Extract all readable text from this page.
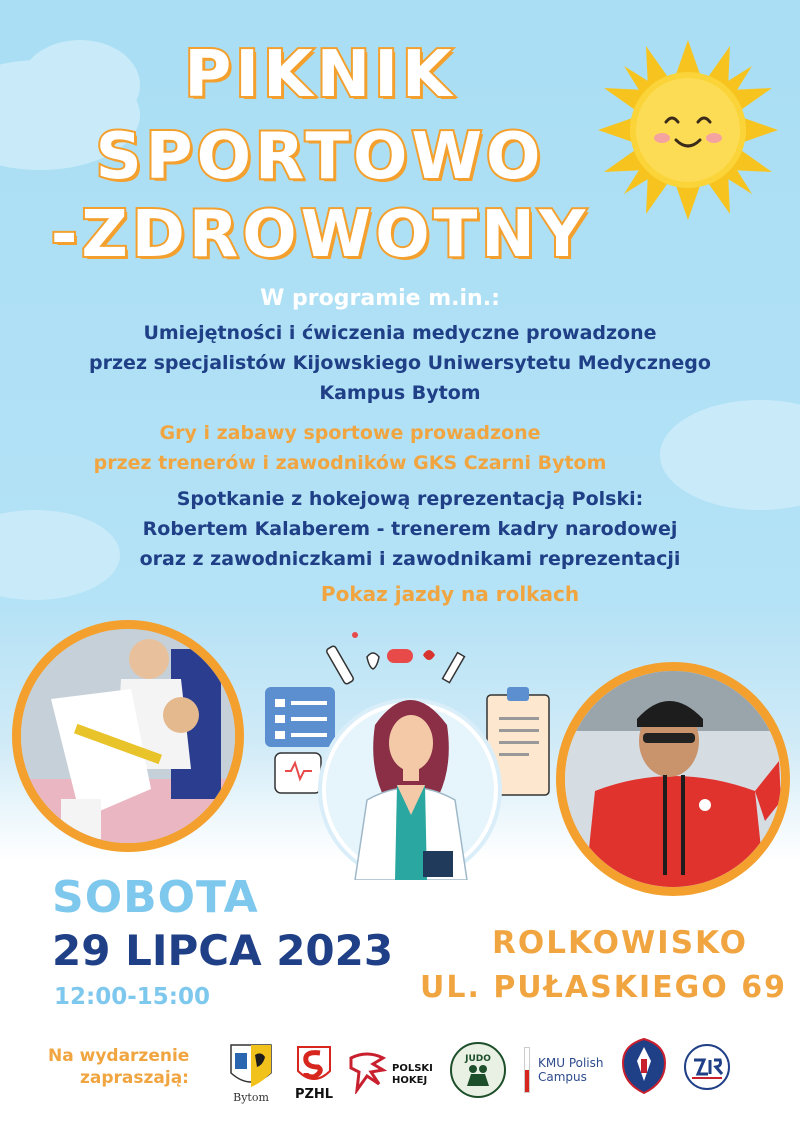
PIKNIK
SPORTOWO
-ZDROWOTNY
W programie m.in.:
Umiejętności i ćwiczenia medyczne prowadzone
przez specjalistów Kijowskiego Uniwersytetu Medycznego
Kampus Bytom
Gry i zabawy sportowe prowadzone
przez trenerów i zawodników GKS Czarni Bytom
Spotkanie z hokejową reprezentacją Polski:
Robertem Kalaberem - trenerem kadry narodowej
oraz z zawodniczkami i zawodnikami reprezentacji
Pokaz jazdy na rolkach
SOBOTA
29 LIPCA 2023
12:00-15:00
ROLKOWISKO
UL. PUŁASKIEGO 69
Na wydarzenie
zapraszają:
Bytom PZHL
POLSKI
HOKEJ
JUDO	KMU Polish
Campus
